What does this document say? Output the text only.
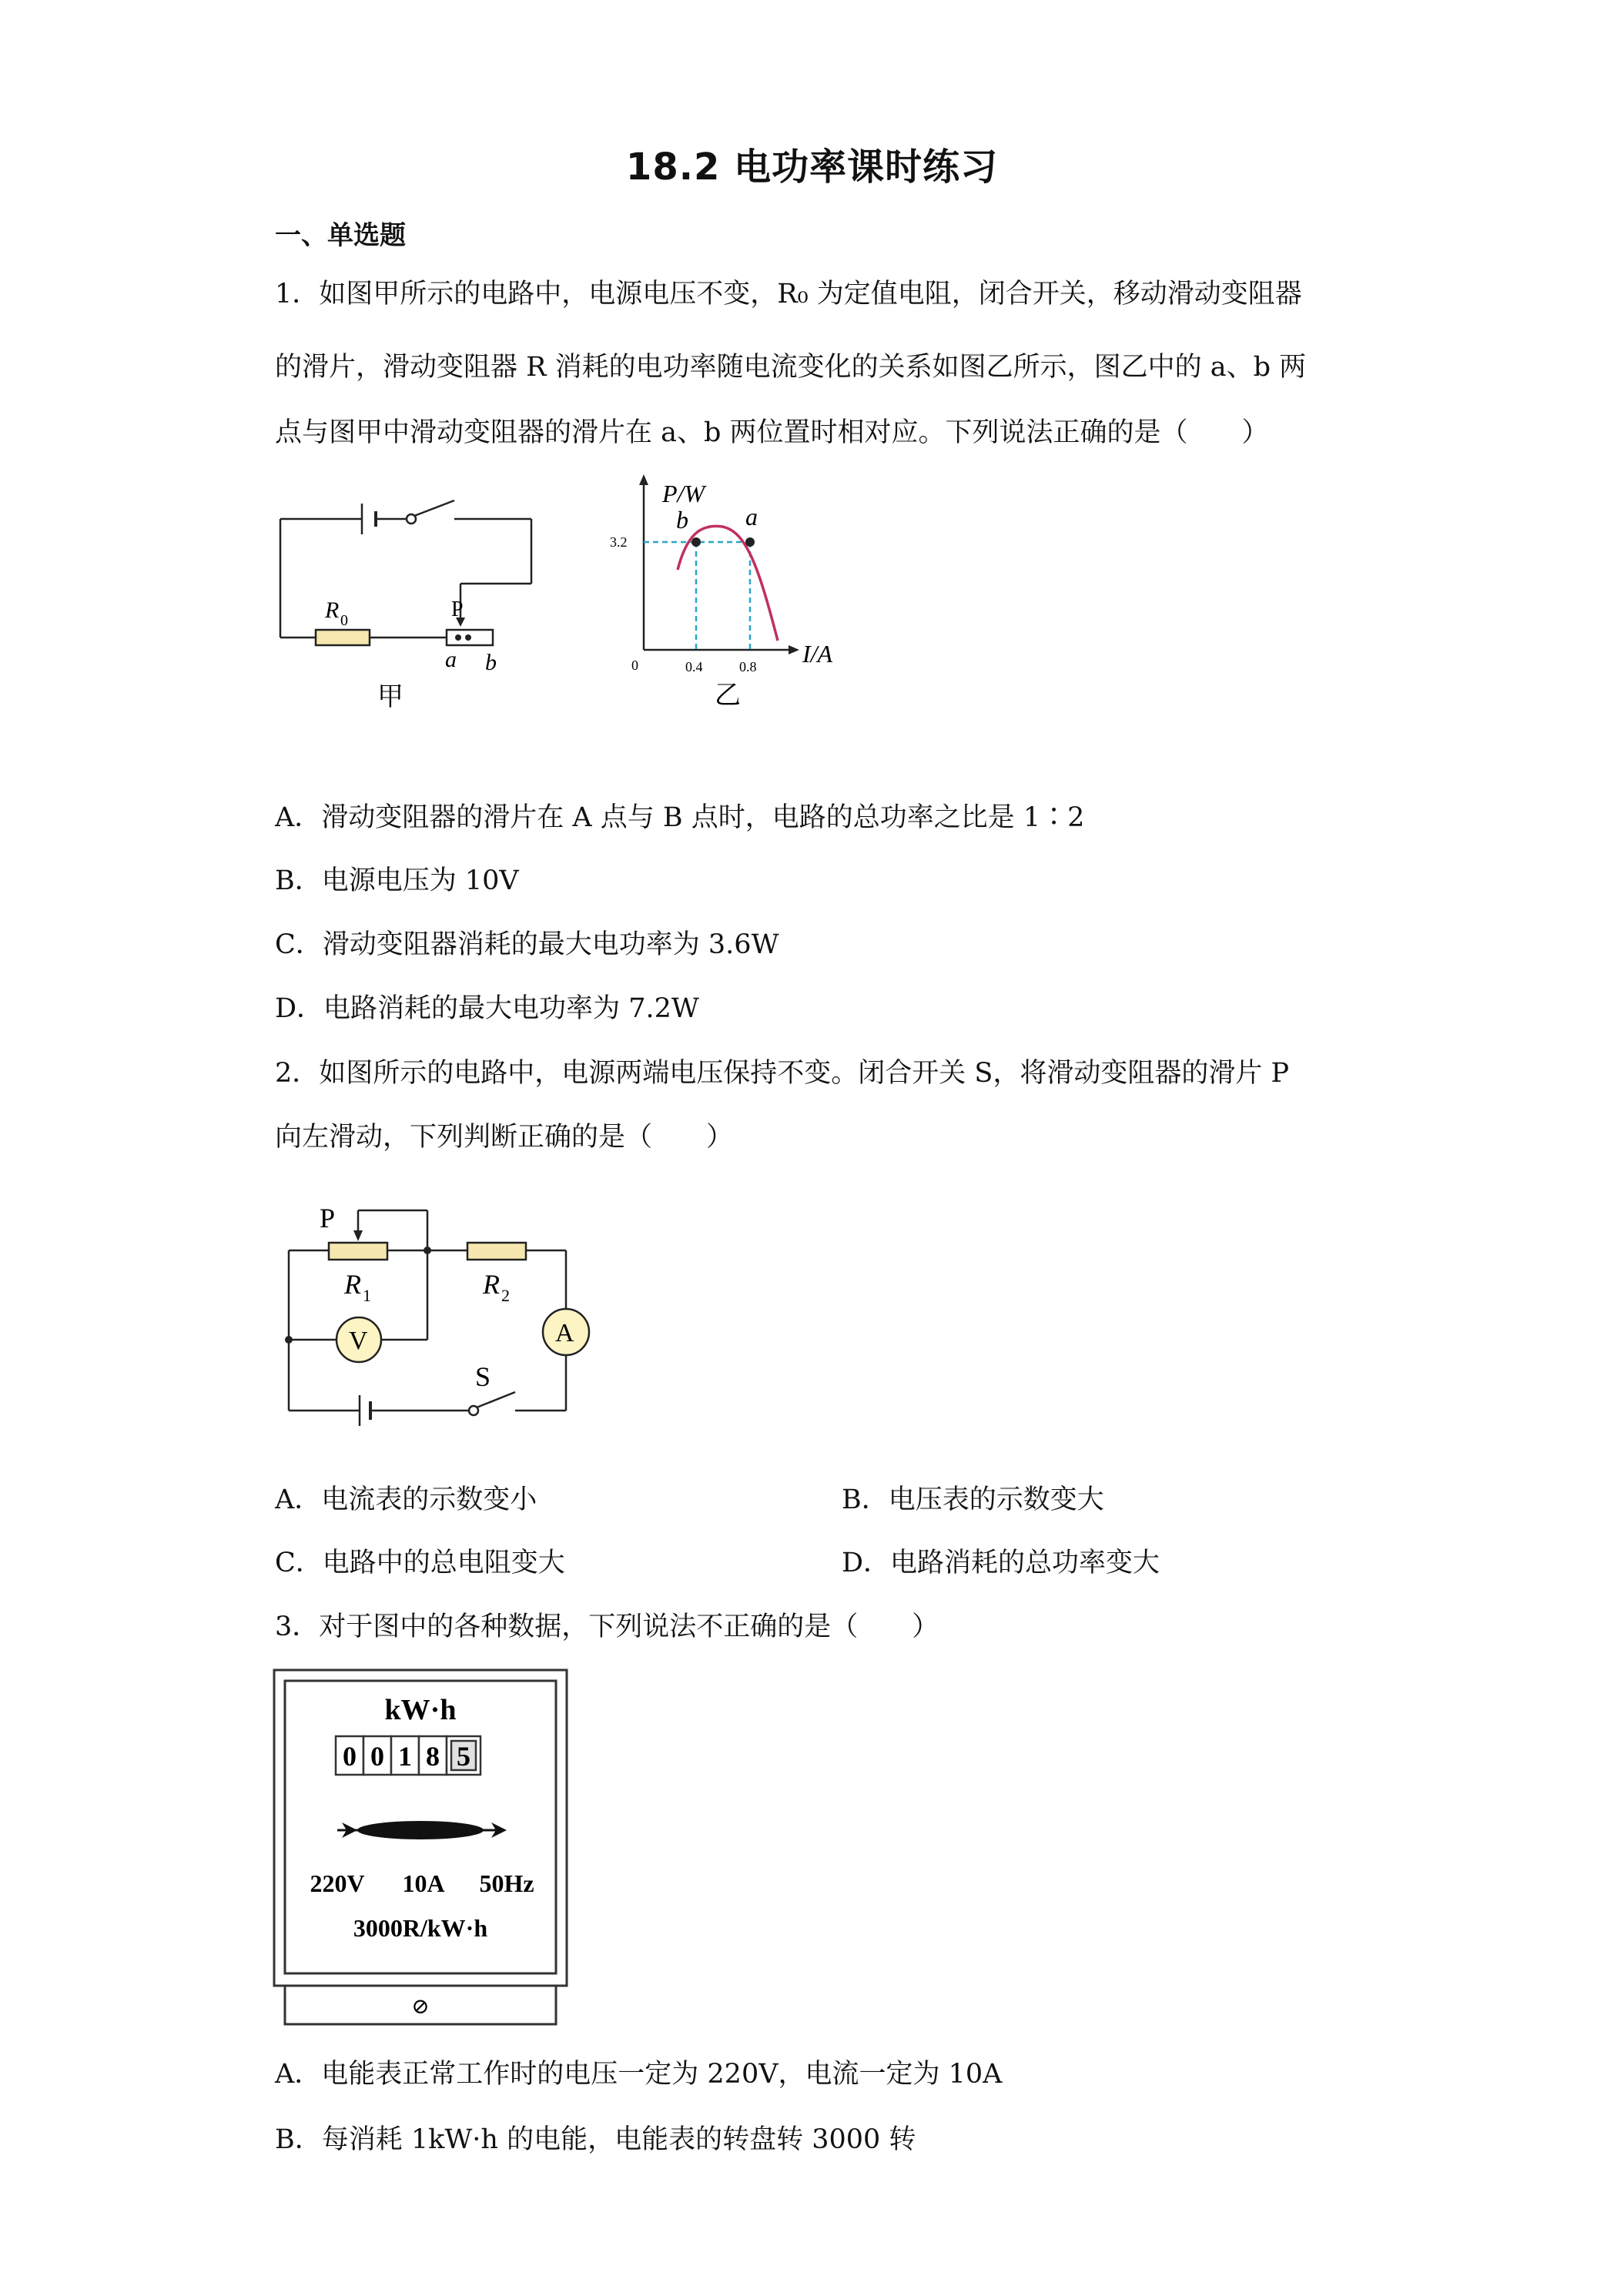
18.2 电功率课时练习
一、单选题
1．如图甲所示的电路中，电源电压不变，R₀ 为定值电阻，闭合开关，移动滑动变阻器
的滑片，滑动变阻器 R 消耗的电功率随电流变化的关系如图乙所示，图乙中的 a、b 两
点与图甲中滑动变阻器的滑片在 a、b 两位置时相对应。下列说法正确的是（　　）
R 0	P
a b
甲
P/W
I/A
0
3.2
0.4	0.8
b a
乙
A．滑动变阻器的滑片在 A 点与 B 点时，电路的总功率之比是 1∶2
B．电源电压为 10V
C．滑动变阻器消耗的最大电功率为 3.6W
D．电路消耗的最大电功率为 7.2W
2．如图所示的电路中，电源两端电压保持不变。闭合开关 S，将滑动变阻器的滑片 P
向左滑动，下列判断正确的是（　　）
P
R 1	R 2
V	A
S
A．电流表的示数变小	B．电压表的示数变大
C．电路中的总电阻变大	D．电路消耗的总功率变大
3．对于图中的各种数据，下列说法不正确的是（　　）
kW·h
0 0 1 8 5
220V 10A 50Hz
3000R/kW·h
⊘
A．电能表正常工作时的电压一定为 220V，电流一定为 10A
B．每消耗 1kW·h 的电能，电能表的转盘转 3000 转
